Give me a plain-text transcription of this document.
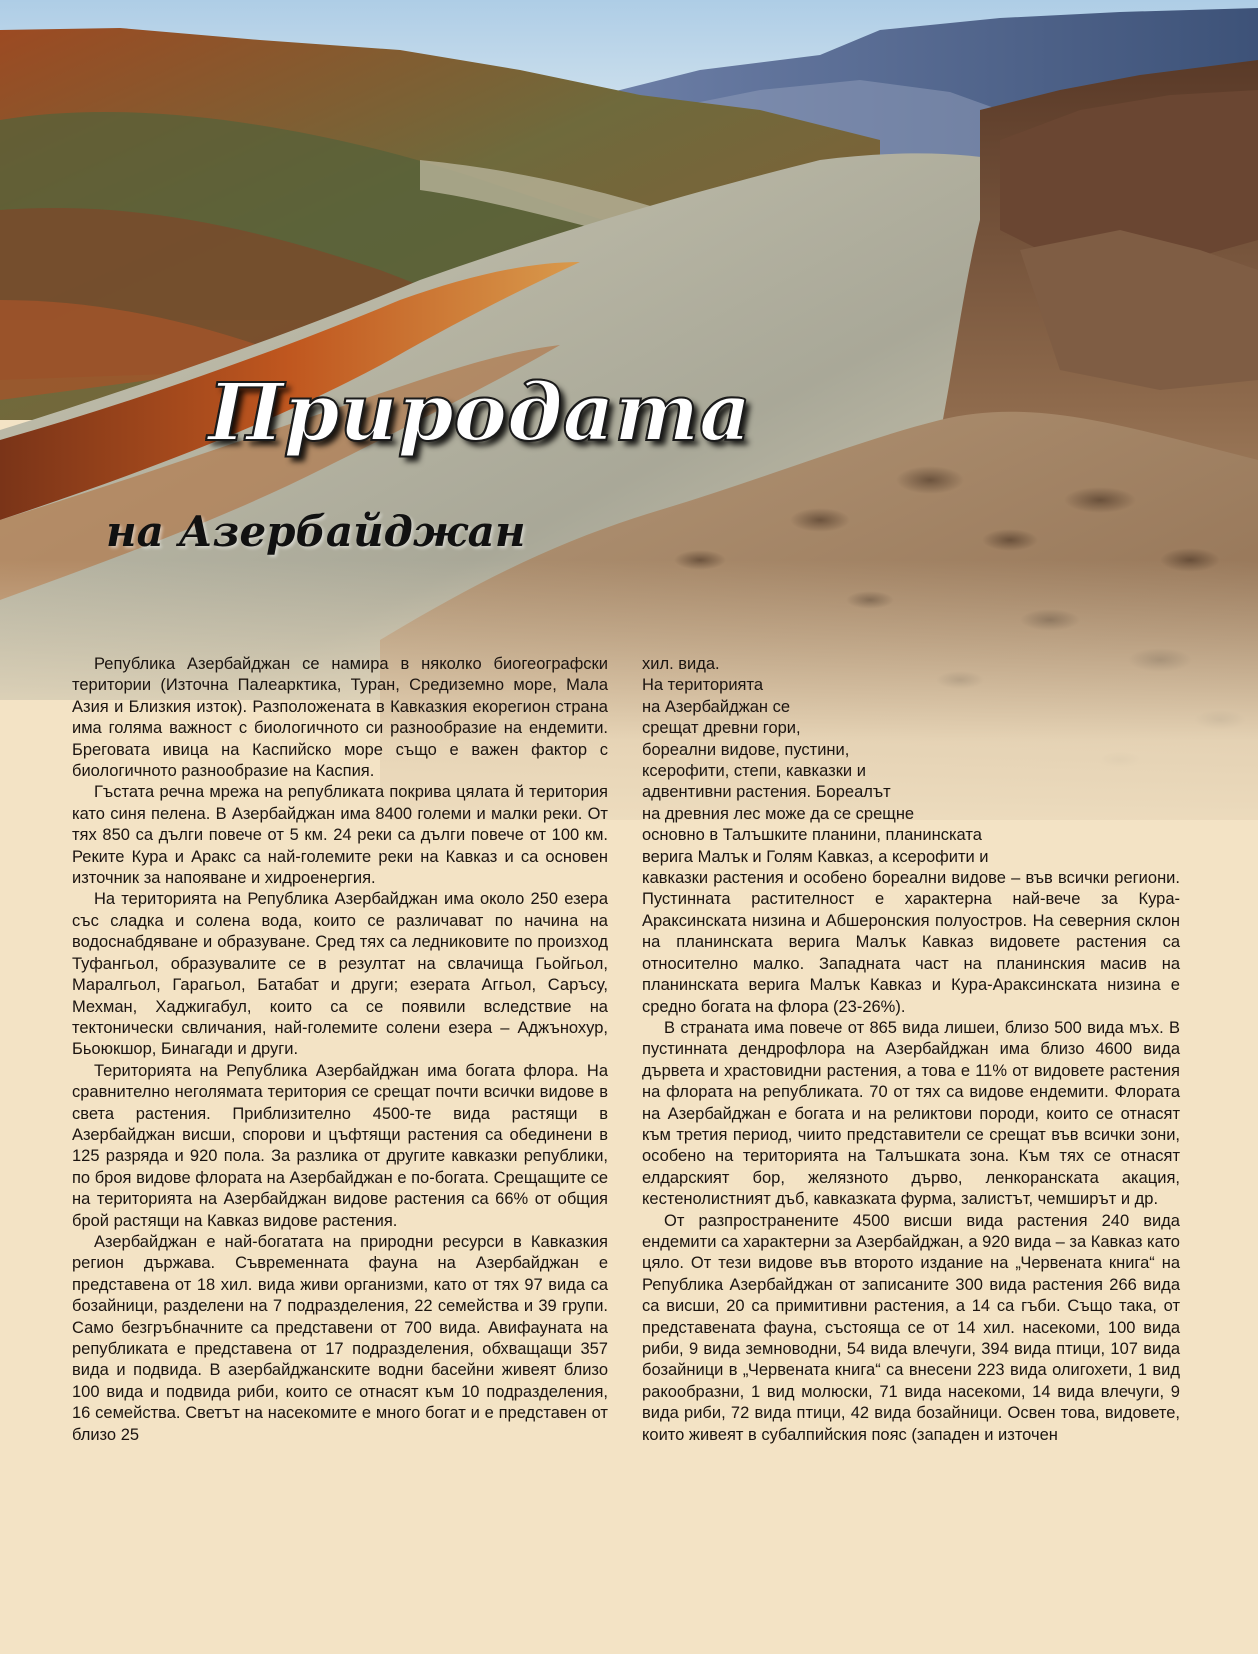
Природата
на Азербайджан

Република Азербайджан се намира в няколко биогеографски територии (Източна Палеарктика, Туран, Средиземно море, Мала Азия и Близкия изток). Разположената в Кавказкия екорегион страна има голяма важност с биологичното си разнообразие на ендемити. Бреговата ивица на Каспийско море също е важен фактор с биологичното разнообразие на Каспия.

Гъстата речна мрежа на републиката покрива цялата й територия като синя пелена. В Азербайджан има 8400 големи и малки реки. От тях 850 са дълги повече от 5 км. 24 реки са дълги повече от 100 км. Реките Кура и Аракс са най-големите реки на Кавказ и са основен източник за напояване и хидроенергия.

На територията на Република Азербайджан има около 250 езера със сладка и солена вода, които се различават по начина на водоснабдяване и образуване. Сред тях са ледниковите по произход Туфангьол, образувалите се в резултат на свлачища Гьойгьол, Маралгьол, Гарагьол, Батабат и други; езерата Аггьол, Саръсу, Мехман, Хаджигабул, които са се появили вследствие на тектонически свличания, най-големите солени езера – Аджънохур, Бьоюкшор, Бинагади и други.

Територията на Република Азербайджан има богата флора. На сравнително неголямата територия се срещат почти всички видове в света растения. Приблизително 4500-те вида растящи в Азербайджан висши, спорови и цъфтящи растения са обединени в 125 разряда и 920 пола. За разлика от другите кавказки републики, по броя видове флората на Азербайджан е по-богата. Срещащите се на територията на Азербайджан видове растения са 66% от общия брой растящи на Кавказ видове растения.

Азербайджан е най-богатата на природни ресурси в Кавказкия регион държава. Съвременната фауна на Азербайджан е представена от 18 хил. вида живи организми, като от тях 97 вида са бозайници, разделени на 7 подразделения, 22 семейства и 39 групи. Само безгръбначните са представени от 700 вида. Авифауната на републиката е представена от 17 подразделения, обхващащи 357 вида и подвида. В азербайджанските водни басейни живеят близо 100 вида и подвида риби, които се отнасят към 10 подразделения, 16 семейства. Светът на насекомите е много богат и е представен от близо 25

хил. вида.
На територията
на Азербайджан се
срещат древни гори,
бореални видове, пустини,
ксерофити, степи, кавказки и
адвентивни растения. Бореалът
на древния лес може да се срещне
основно в Талъшките планини, планинската
верига Малък и Голям Кавказ, а ксерофити и

кавказки растения и особено бореални видове – във всички региони. Пустинната растителност е характерна най-вече за Кура-Араксинската низина и Абшеронския полуостров. На северния склон на планинската верига Малък Кавказ видовете растения са относително малко. Западната част на планинския масив на планинската верига Малък Кавказ и Кура-Араксинската низина е средно богата на флора (23-26%).

В страната има повече от 865 вида лишеи, близо 500 вида мъх. В пустинната дендрофлора на Азербайджан има близо 4600 вида дървета и храстовидни растения, а това е 11% от видовете растения на флората на републиката. 70 от тях са видове ендемити. Флората на Азербайджан е богата и на реликтови породи, които се отнасят към третия период, чиито представители се срещат във всички зони, особено на територията на Талъшката зона. Към тях се отнасят елдарският бор, желязното дърво, ленкоранската акация, кестенолистният дъб, кавказката фурма, залистът, чемширът и др.

От разпространените 4500 висши вида растения 240 вида ендемити са характерни за Азербайджан, а 920 вида – за Кавказ като цяло. От тези видове във второто издание на „Червената книга“ на Република Азербайджан от записаните 300 вида растения 266 вида са висши, 20 са примитивни растения, а 14 са гъби. Също така, от представената фауна, състояща се от 14 хил. насекоми, 100 вида риби, 9 вида земноводни, 54 вида влечуги, 394 вида птици, 107 вида бозайници в „Червената книга“ са внесени 223 вида олигохети, 1 вид ракообразни, 1 вид молюски, 71 вида насекоми, 14 вида влечуги, 9 вида риби, 72 вида птици, 42 вида бозайници. Освен това, видовете, които живеят в субалпийския пояс (западен и източен
